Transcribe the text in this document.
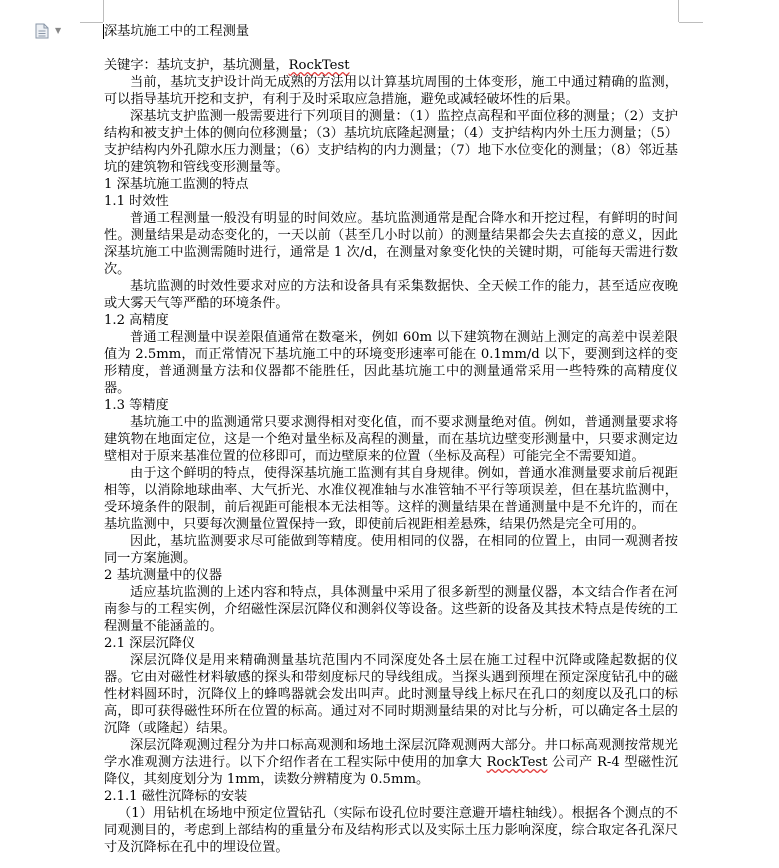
▼	深基坑施工中的工程测量

关键字：基坑支护，基坑测量，RockTest

当前，基坑支护设计尚无成熟的方法用以计算基坑周围的土体变形，施工中通过精确的监测，可以指导基坑开挖和支护，有利于及时采取应急措施，避免或减轻破坏性的后果。

深基坑支护监测一般需要进行下列项目的测量：（1）监控点高程和平面位移的测量；（2）支护结构和被支护土体的侧向位移测量；（3）基坑坑底隆起测量；（4）支护结构内外土压力测量；（5）支护结构内外孔隙水压力测量；（6）支护结构的内力测量；（7）地下水位变化的测量；（8）邻近基坑的建筑物和管线变形测量等。

1 深基坑施工监测的特点

1.1 时效性

普通工程测量一般没有明显的时间效应。基坑监测通常是配合降水和开挖过程，有鲜明的时间性。测量结果是动态变化的，一天以前（甚至几小时以前）的测量结果都会失去直接的意义，因此深基坑施工中监测需随时进行，通常是 1 次/d，在测量对象变化快的关键时期，可能每天需进行数次。

基坑监测的时效性要求对应的方法和设备具有采集数据快、全天候工作的能力，甚至适应夜晚或大雾天气等严酷的环境条件。

1.2 高精度

普通工程测量中误差限值通常在数毫米，例如 60m 以下建筑物在测站上测定的高差中误差限值为 2.5mm，而正常情况下基坑施工中的环境变形速率可能在 0.1mm/d 以下，要测到这样的变形精度，普通测量方法和仪器都不能胜任，因此基坑施工中的测量通常采用一些特殊的高精度仪器。

1.3 等精度

基坑施工中的监测通常只要求测得相对变化值，而不要求测量绝对值。例如，普通测量要求将建筑物在地面定位，这是一个绝对量坐标及高程的测量，而在基坑边壁变形测量中，只要求测定边壁相对于原来基准位置的位移即可，而边壁原来的位置（坐标及高程）可能完全不需要知道。

由于这个鲜明的特点，使得深基坑施工监测有其自身规律。例如，普通水准测量要求前后视距相等，以消除地球曲率、大气折光、水准仪视准轴与水准管轴不平行等项误差，但在基坑监测中，受环境条件的限制，前后视距可能根本无法相等。这样的测量结果在普通测量中是不允许的，而在基坑监测中，只要每次测量位置保持一致，即使前后视距相差悬殊，结果仍然是完全可用的。

因此，基坑监测要求尽可能做到等精度。使用相同的仪器，在相同的位置上，由同一观测者按同一方案施测。

2 基坑测量中的仪器

适应基坑监测的上述内容和特点，具体测量中采用了很多新型的测量仪器，本文结合作者在河南参与的工程实例，介绍磁性深层沉降仪和测斜仪等设备。这些新的设备及其技术特点是传统的工程测量不能涵盖的。

2.1 深层沉降仪

深层沉降仪是用来精确测量基坑范围内不同深度处各土层在施工过程中沉降或隆起数据的仪器。它由对磁性材料敏感的探头和带刻度标尺的导线组成。当探头遇到预埋在预定深度钻孔中的磁性材料圆环时，沉降仪上的蜂鸣器就会发出叫声。此时测量导线上标尺在孔口的刻度以及孔口的标高，即可获得磁性环所在位置的标高。通过对不同时期测量结果的对比与分析，可以确定各土层的沉降（或隆起）结果。

深层沉降观测过程分为井口标高观测和场地土深层沉降观测两大部分。井口标高观测按常规光学水准观测方法进行。以下介绍作者在工程实际中使用的加拿大 RockTest 公司产 R-4 型磁性沉降仪，其刻度划分为 1mm，读数分辨精度为 0.5mm。

2.1.1 磁性沉降标的安装

（1）用钻机在场地中预定位置钻孔（实际布设孔位时要注意避开墙柱轴线）。根据各个测点的不同观测目的，考虑到上部结构的重量分布及结构形式以及实际土压力影响深度，综合取定各孔深尺寸及沉降标在孔中的埋设位置。
